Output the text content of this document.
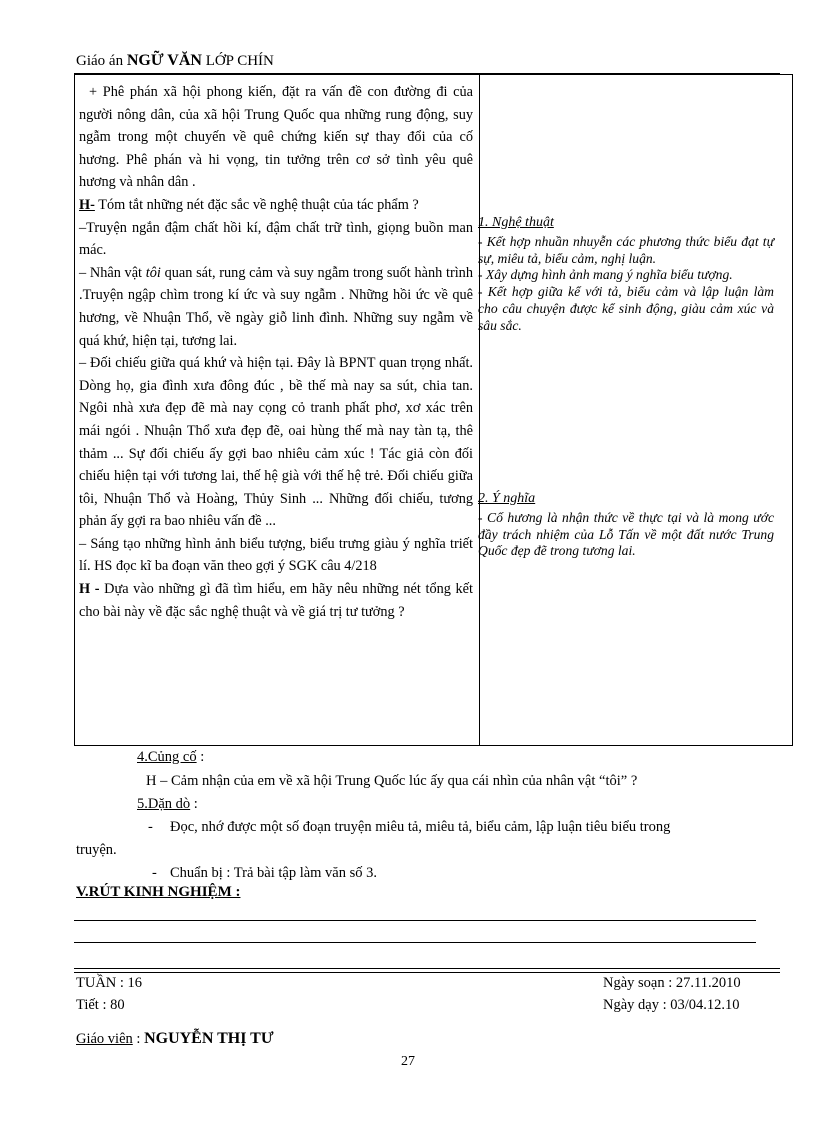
Giáo án NGỮ VĂN LỚP CHÍN

+ Phê phán xã hội phong kiến, đặt ra vấn đề con đường đi của người nông dân, của xã hội Trung Quốc qua những rung động, suy ngẫm trong một chuyến về quê chứng kiến sự thay đổi của cố hương. Phê phán và hi vọng, tin tưởng trên cơ sở tình yêu quê hương và nhân dân .

H- Tóm tắt những nét đặc sắc về nghệ thuật của tác phẩm ?

–Truyện ngắn đậm chất hồi kí, đậm chất trữ tình, giọng buồn man mác.

– Nhân vật tôi quan sát, rung cảm và suy ngẫm trong suốt hành trình .Truyện ngập chìm trong kí ức và suy ngẫm . Những hồi ức về quê hương, về Nhuận Thổ, về ngày giỗ linh đình. Những suy ngẫm về quá khứ, hiện tại, tương lai.

– Đối chiếu giữa quá khứ và hiện tại. Đây là BPNT quan trọng nhất. Dòng họ, gia đình xưa đông đúc , bề thế mà nay sa sút, chia tan. Ngôi nhà xưa đẹp đẽ mà nay cọng cỏ tranh phất phơ, xơ xác trên mái ngói . Nhuận Thổ xưa đẹp đẽ, oai hùng thế mà nay tàn tạ, thê thảm ... Sự đối chiếu ấy gợi bao nhiêu cảm xúc ! Tác giả còn đối chiếu hiện tại với tương lai, thế hệ già với thế hệ trẻ. Đối chiếu giữa tôi, Nhuận Thổ và Hoàng, Thủy Sinh ... Những đối chiếu, tương phản ấy gợi ra bao nhiêu vấn đề ...

– Sáng tạo những hình ảnh biểu tượng, biểu trưng giàu ý nghĩa triết lí. HS đọc kĩ ba đoạn văn theo gợi ý SGK câu 4/218

H - Dựa vào những gì đã tìm hiểu, em hãy nêu những nét tổng kết cho bài này về đặc sắc nghệ thuật và về giá trị tư tưởng ?

1. Nghệ thuật

- Kết hợp nhuần nhuyễn các phương thức biểu đạt tự sự, miêu tả, biểu cảm, nghị luận.

- Xây dựng hình ảnh mang ý nghĩa biểu tượng.

- Kết hợp giữa kể với tả, biểu cảm và lập luận làm cho câu chuyện được kể sinh động, giàu cảm xúc và sâu sắc.

2. Ý nghĩa

- Cố hương là nhận thức về thực tại và là mong ước đầy trách nhiệm của Lỗ Tấn về một đất nước Trung Quốc đẹp đẽ trong tương lai.

4.Củng cố :
H – Cảm nhận của em về xã hội Trung Quốc lúc ấy qua cái nhìn của nhân vật “tôi” ?
5.Dặn dò :
- Đọc, nhớ được một số đoạn truyện miêu tả, miêu tả, biểu cảm, lập luận tiêu biểu trong
truyện.
- Chuẩn bị : Trả bài tập làm văn số 3.
V.RÚT KINH NGHIỆM :
TUẦN : 16
Tiết : 80
Ngày soạn : 27.11.2010
Ngày dạy : 03/04.12.10
Giáo viên : NGUYỄN THỊ TƯ
27
